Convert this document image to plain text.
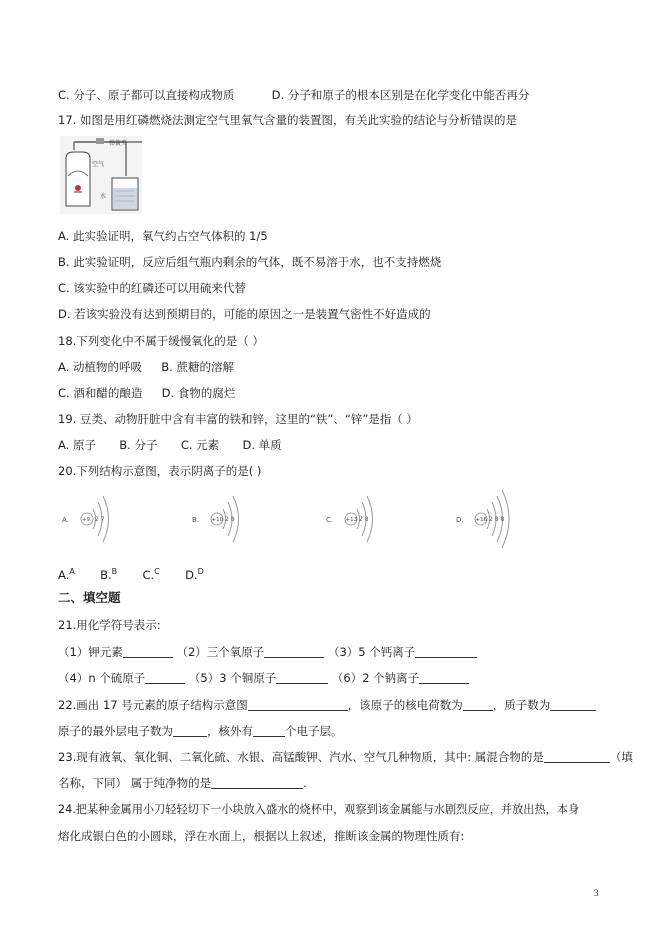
C. 分子、原子都可以直接构成物质	D. 分子和原子的根本区别是在化学变化中能否再分
17. 如图是用红磷燃烧法测定空气里氧气含量的装置图，有关此实验的结论与分析错误的是
弹簧夹
空气
水
A. 此实验证明，氧气约占空气体积的 1/5
B. 此实验证明，反应后组气瓶内剩余的气体，既不易溶于水，也不支持燃烧
C. 该实验中的红磷还可以用硫来代替
D. 若该实验没有达到预期目的，可能的原因之一是装置气密性不好造成的
18.下列变化中不属于缓慢氧化的是（ ）
A. 动植物的呼吸 B. 蔗糖的溶解
C. 酒和醋的酿造 D. 食物的腐烂
19. 豆类、动物肝脏中含有丰富的铁和锌，这里的“铁”、“锌”是指（ ）
A. 原子 B. 分子 C. 元素 D. 单质
20.下列结构示意图，表示阴离子的是( )
A. +9 2 7	B. +10 2 8	C. +13 2 8	D. +16 2 8 8
A.$^A$ B.$^B$ C.$^C$ D.$^D$
二、填空题
21.用化学符号表示:
（1）钾元素	（2）三个氧原子	（3）5 个钙离子
（4）n 个硫原子	（5）3 个铜原子	（6）2 个钠离子
22.画出 17 号元素的原子结构示意图	，该原子的核电荷数为	，质子数为
原子的最外层电子数为	，核外有	个电子层。
23.现有液氧、氧化铜、二氧化硫、水银、高锰酸钾、汽水、空气几种物质，其中: 属混合物的是	（填
名称，下同） 属于纯净物的是	.
24.把某种金属用小刀轻轻切下一小块放入盛水的烧杯中，观察到该金属能与水剧烈反应，并放出热，本身
熔化成银白色的小圆球，浮在水面上，根据以上叙述，推断该金属的物理性质有:
3
